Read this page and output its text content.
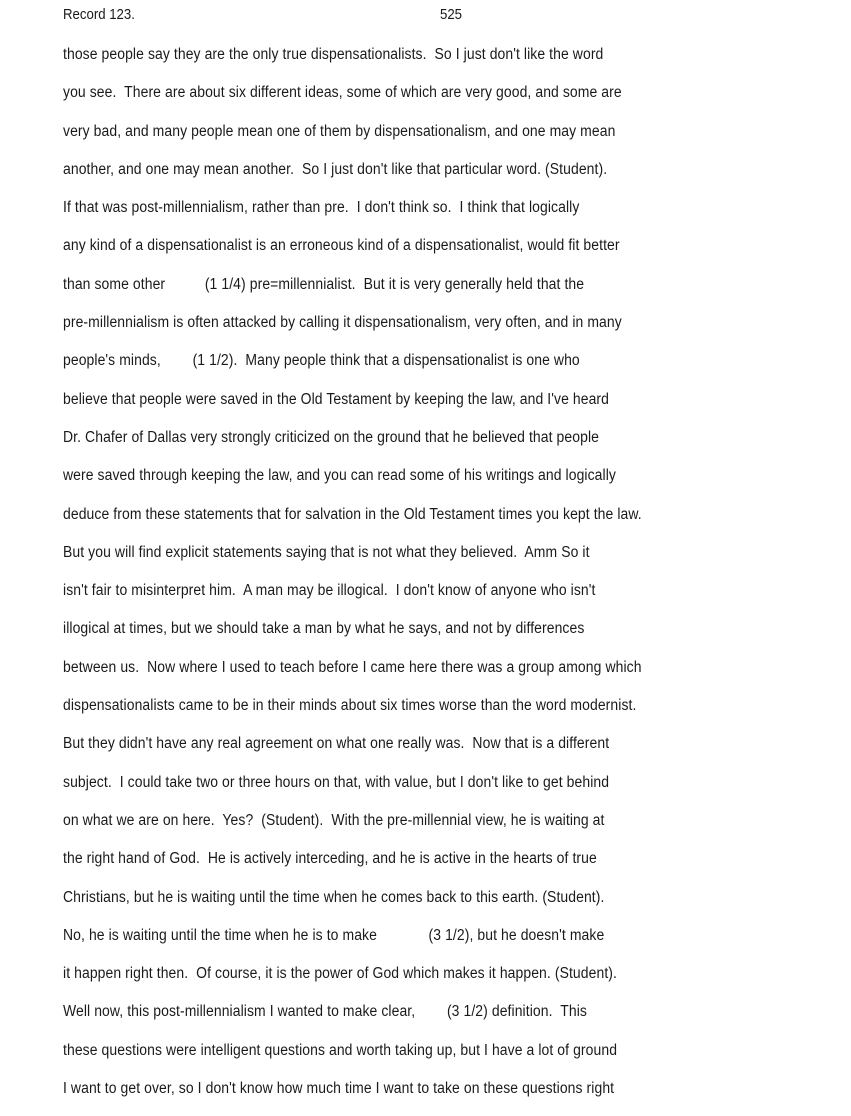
Record 123.	525
those people say they are the only true dispensationalists.  So I just don't like the word
you see.  There are about six different ideas, some of which are very good, and some are
very bad, and many people mean one of them by dispensationalism, and one may mean
another, and one may mean another.  So I just don't like that particular word. (Student).
If that was post-millennialism, rather than pre.  I don't think so.  I think that logically
any kind of a dispensationalist is an erroneous kind of a dispensationalist, would fit better
than some other          (1 1/4) pre=millennialist.  But it is very generally held that the
pre-millennialism is often attacked by calling it dispensationalism, very often, and in many
people's minds,        (1 1/2).  Many people think that a dispensationalist is one who
believe that people were saved in the Old Testament by keeping the law, and I've heard
Dr. Chafer of Dallas very strongly criticized on the ground that he believed that people
were saved through keeping the law, and you can read some of his writings and logically
deduce from these statements that for salvation in the Old Testament times you kept the law.
But you will find explicit statements saying that is not what they believed.  Amm So it
isn't fair to misinterpret him.  A man may be illogical.  I don't know of anyone who isn't
illogical at times, but we should take a man by what he says, and not by differences
between us.  Now where I used to teach before I came here there was a group among which
dispensationalists came to be in their minds about six times worse than the word modernist.
But they didn't have any real agreement on what one really was.  Now that is a different
subject.  I could take two or three hours on that, with value, but I don't like to get behind
on what we are on here.  Yes?  (Student).  With the pre-millennial view, he is waiting at
the right hand of God.  He is actively interceding, and he is active in the hearts of true
Christians, but he is waiting until the time when he comes back to this earth. (Student).
No, he is waiting until the time when he is to make             (3 1/2), but he doesn't make
it happen right then.  Of course, it is the power of God which makes it happen. (Student).
Well now, this post-millennialism I wanted to make clear,        (3 1/2) definition.  This
these questions were intelligent questions and worth taking up, but I have a lot of ground
I want to get over, so I don't know how much time I want to take on these questions right
